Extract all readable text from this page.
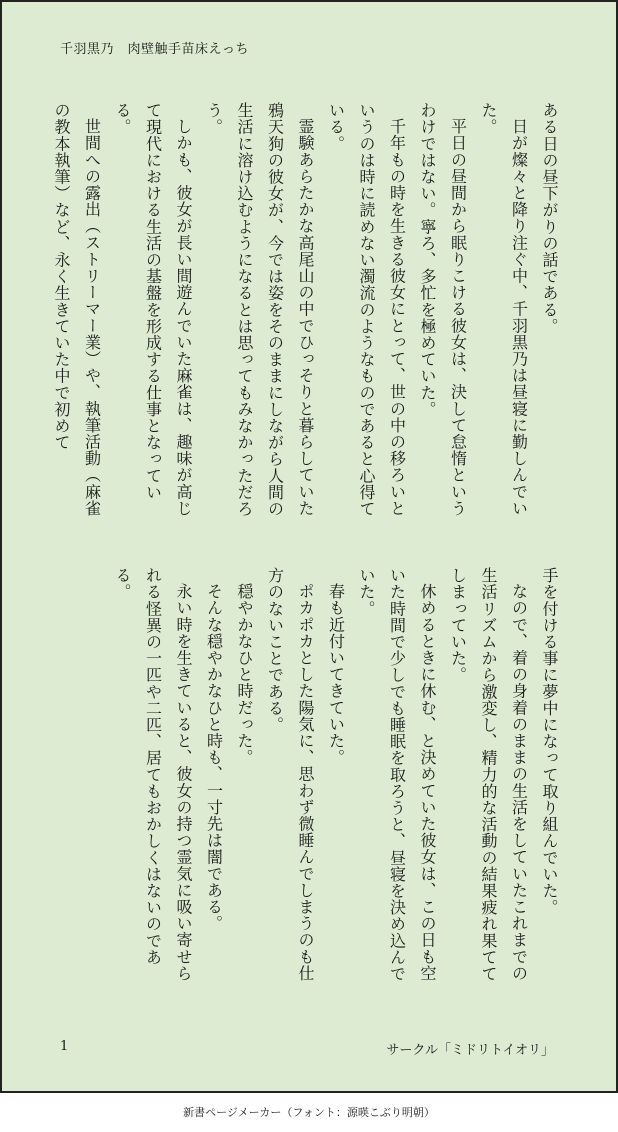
千羽黒乃　肉壁触手苗床えっち

ある日の昼下がりの話である。

日が燦々と降り注ぐ中、千羽黒乃は昼寝に勤しんでいた。

平日の昼間から眠りこける彼女は、決して怠惰というわけではない。寧ろ、多忙を極めていた。

千年もの時を生きる彼女にとって、世の中の移ろいというのは時に読めない濁流のようなものであると心得ている。

霊験あらたかな高尾山の中でひっそりと暮らしていた鴉天狗の彼女が、今では姿をそのままにしながら人間の生活に溶け込むようになるとは思ってもみなかっただろう。

しかも、彼女が長い間遊んでいた麻雀は、趣味が高じて現代における生活の基盤を形成する仕事となっている。

世間への露出（ストリーマー業）や、執筆活動（麻雀の教本執筆）など、永く生きていた中で初めて

手を付ける事に夢中になって取り組んでいた。

なので、着の身着のままの生活をしていたこれまでの生活リズムから激変し、精力的な活動の結果疲れ果ててしまっていた。

休めるときに休む、と決めていた彼女は、この日も空いた時間で少しでも睡眠を取ろうと、昼寝を決め込んでいた。

春も近付いてきていた。

ポカポカとした陽気に、思わず微睡んでしまうのも仕方のないことである。

穏やかなひと時だった。

そんな穏やかなひと時も、一寸先は闇である。

永い時を生きていると、彼女の持つ霊気に吸い寄せられる怪異の一匹や二匹、居てもおかしくはないのである。

1	サークル「ミドリトイオリ」
新書ページメーカー（フォント：源暎こぶり明朝）
